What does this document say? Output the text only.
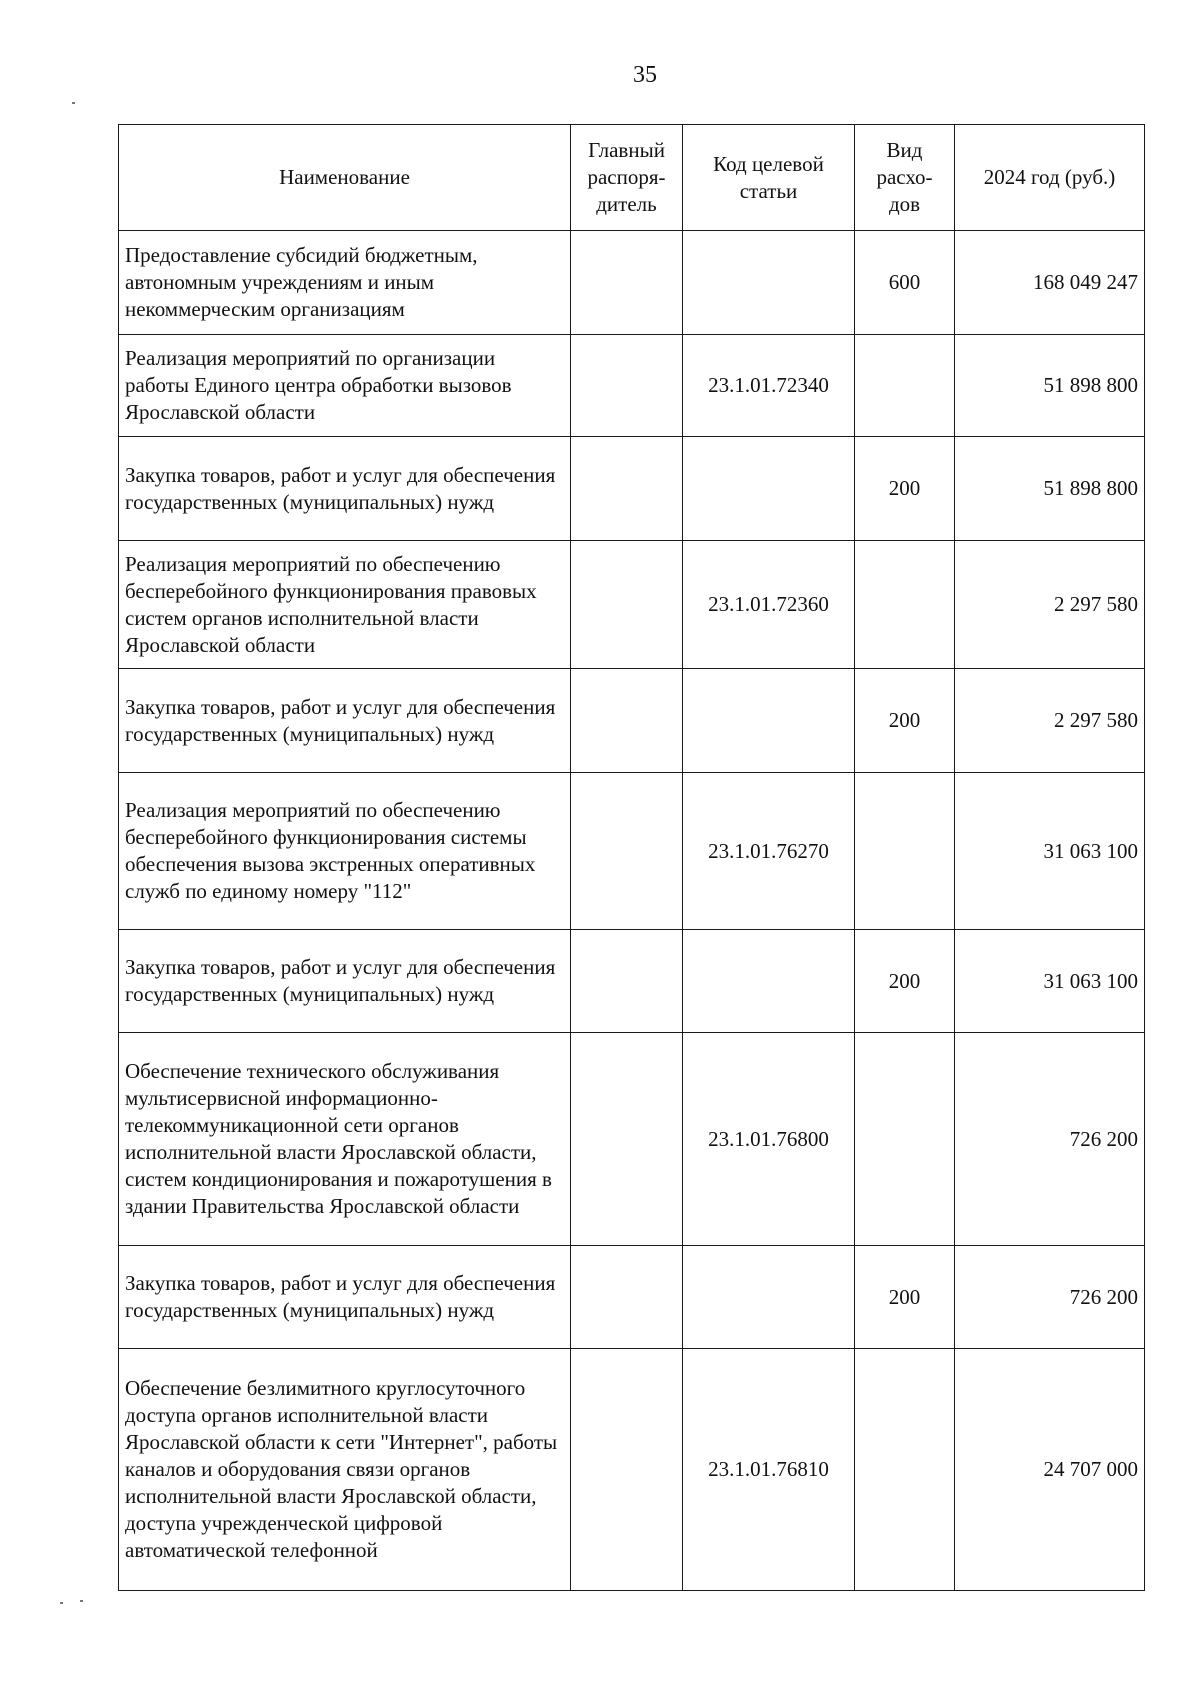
35
Наименование	Главный распоря-дитель	Код целевой статьи	Вид расхо-дов	2024 год (руб.)
Предоставление субсидий бюджетным, автономным учреждениям и иным некоммерческим организациям			600	168 049 247
Реализация мероприятий по организации работы Единого центра обработки вызовов Ярославской области		23.1.01.72340		51 898 800
Закупка товаров, работ и услуг для обеспечения государственных (муниципальных) нужд			200	51 898 800
Реализация мероприятий по обеспечению бесперебойного функционирования правовых систем органов исполнительной власти Ярославской области		23.1.01.72360		2 297 580
Закупка товаров, работ и услуг для обеспечения государственных (муниципальных) нужд			200	2 297 580
Реализация мероприятий по обеспечению бесперебойного функционирования системы обеспечения вызова экстренных оперативных служб по единому номеру "112"		23.1.01.76270		31 063 100
Закупка товаров, работ и услуг для обеспечения государственных (муниципальных) нужд			200	31 063 100
Обеспечение технического обслуживания мультисервисной информационно-телекоммуникационной сети органов исполнительной власти Ярославской области, систем кондиционирования и пожаротушения в здании Правительства Ярославской области		23.1.01.76800		726 200
Закупка товаров, работ и услуг для обеспечения государственных (муниципальных) нужд			200	726 200
Обеспечение безлимитного круглосуточного доступа органов исполнительной власти Ярославской области к сети "Интернет", работы каналов и оборудования связи органов исполнительной власти Ярославской области, доступа учрежденческой цифровой автоматической телефонной		23.1.01.76810		24 707 000
